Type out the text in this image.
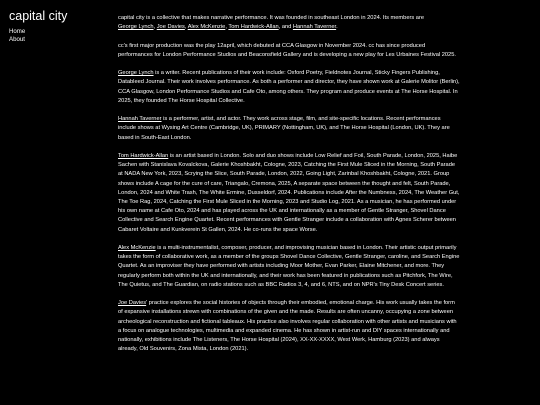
capital city
Home
About

capital city is a collective that makes narrative performance. It was founded in southeast London in 2024. Its members are
George Lynch, Joe Davies, Alex McKenzie, Tom Hardwick-Allan, and Hannah Taverner.

cc's first major production was the play 12april, which debuted at CCA Glasgow in November 2024. cc has since produced performances for London Performance Studios and Beaconsfield Gallery and is developing a new play for Les Urbaines Festival 2025.

George Lynch is a writer. Recent publications of their work include: Oxford Poetry, Fieldnotes Journal, Sticky Fingers Publishing, Datableed Journal. Their work involves performance. As both a performer and director, they have shown work at Galerie Molitor (Berlin), CCA Glasgow, London Performance Studios and Cafe Oto, among others. They program and produce events at The Horse Hospital. In 2025, they founded The Horse Hospital Collective.

Hannah Taverner is a performer, artist, and actor. They work across stage, film, and site-specific locations. Recent performances include shows at Wysing Art Centre (Cambridge, UK), PRIMARY (Nottingham, UK), and The Horse Hospital (London, UK). They are based in South-East London.

Tom Hardwick-Allan is an artist based in London. Solo and duo shows include Low Relief and Foil, South Parade, London, 2025, Haibe Sachen with Stanislava Kovalckova, Galerie Khoshbakht, Cologne, 2023, Catching the First Mule Sliced in the Morning, South Parade at NADA New York, 2023, Scrying the Slice, South Parade, London, 2022, Going Light, Zarinbal Khoshbakht, Cologne, 2021. Group shows include A cage for the cure of care, Triangalo, Cremona, 2025, A separate space between the thought and felt, South Parade, London, 2024 and White Trash, The White Ermine, Dusseldorf, 2024. Publications include After the Numbness, 2024, The Weather Gut, The Toe Rag, 2024, Catching the First Mule Sliced in the Morning, 2023 and Studio Log, 2021. As a musician, he has performed under his own name at Cafe Oto, 2024 and has played across the UK and internationally as a member of Gentle Stranger, Shovel Dance Collective and Search Engine Quartet. Recent performances with Gentle Stranger include a collaboration with Agnes Scherer between Cabaret Voltaire and Kunkverein St Gallen, 2024. He co-runs the space Worse.

Alex McKenzie is a multi-instrumentalist, composer, producer, and improvising musician based in London. Their artistic output primarily takes the form of collaborative work, as a member of the groups Shovel Dance Collective, Gentle Stranger, caroline, and Search Engine Quartet. As an improviser they have performed with artists including Moor Mother, Evan Parker, Elaine Mitchener, and more. They regularly perform both within the UK and internationally, and their work has been featured in publications such as Pitchfork, The Wire, The Quietus, and The Guardian, on radio stations such as BBC Radios 3, 4, and 6, NTS, and on NPR's Tiny Desk Concert series.

Joe Davies' practice explores the social histories of objects through their embodied, emotional charge. His work usually takes the form of expansive installations strewn with combinations of the given and the made. Results are often uncanny, occupying a zone between archeological reconstruction and fictional tableaux. His practice also involves regular collaboration with other artists and musicians with a focus on analogue technologies, multimedia and expanded cinema. He has shown in artist-run and DIY spaces internationally and nationally, exhibitions include The Listeners, The Horse Hospital (2024), XX-XX-XXXX, West Werk, Hamburg (2023) and always already, Old Souvenirs, Zona Mista, London (2021).
